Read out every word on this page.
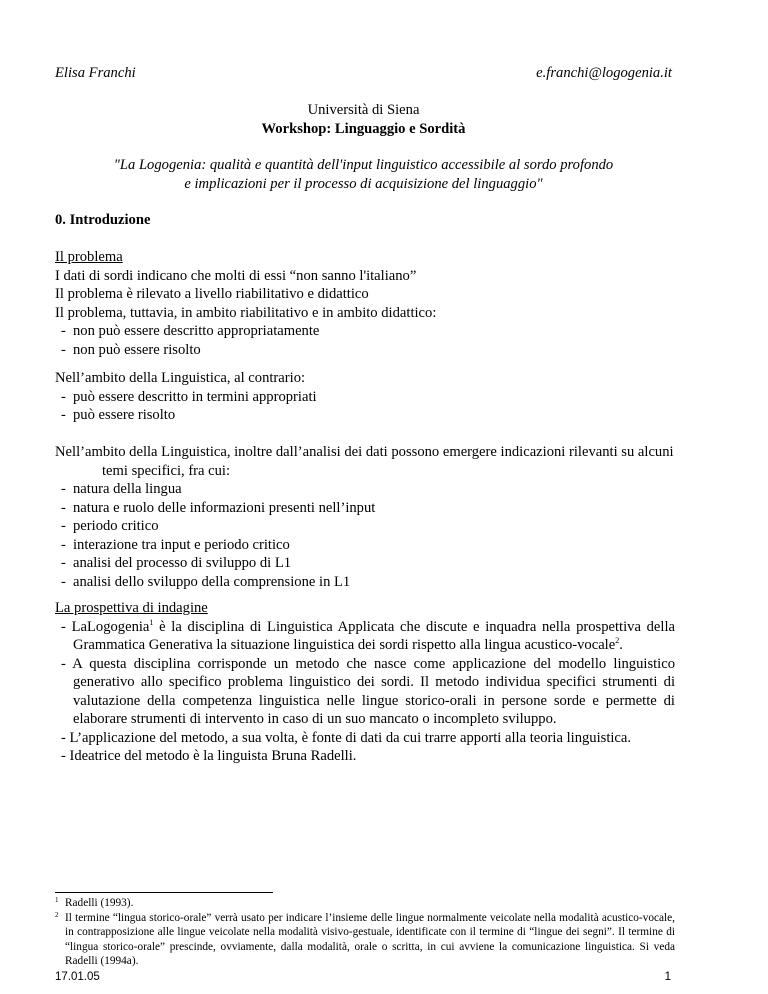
Elisa Franchi	e.franchi@logogenia.it
Università di Siena
Workshop: Linguaggio e Sordità
"La Logogenia: qualità e quantità dell'input linguistico accessibile al sordo profondo
e implicazioni per il processo di acquisizione del linguaggio"
0. Introduzione
Il problema
I dati di sordi indicano che molti di essi “non sanno l'italiano”
Il problema è rilevato a livello riabilitativo e didattico
Il problema, tuttavia, in ambito riabilitativo e in ambito didattico:
- non può essere descritto appropriatamente
- non può essere risolto
Nell’ambito della Linguistica, al contrario:
- può essere descritto in termini appropriati
- può essere risolto
Nell’ambito della Linguistica, inoltre dall’analisi dei dati possono emergere indicazioni rilevanti su alcuni
temi specifici, fra cui:
- natura della lingua
- natura e ruolo delle informazioni presenti nell’input
- periodo critico
- interazione tra input e periodo critico
- analisi del processo di sviluppo di L1
- analisi dello sviluppo della comprensione in L1
La prospettiva di indagine
- LaLogogenia$^1$ è la disciplina di Linguistica Applicata che discute e inquadra nella prospettiva della Grammatica Generativa la situazione linguistica dei sordi rispetto alla lingua acustico-vocale$^2$.
- A questa disciplina corrisponde un metodo che nasce come applicazione del modello linguistico generativo allo specifico problema linguistico dei sordi. Il metodo individua specifici strumenti di valutazione della competenza linguistica nelle lingue storico-orali in persone sorde e permette di elaborare strumenti di intervento in caso di un suo mancato o incompleto sviluppo.
- L’applicazione del metodo, a sua volta, è fonte di dati da cui trarre apporti alla teoria linguistica.
- Ideatrice del metodo è la linguista Bruna Radelli.
1 Radelli (1993).
2 Il termine “lingua storico-orale” verrà usato per indicare l’insieme delle lingue normalmente veicolate nella modalità acustico-vocale, in contrapposizione alle lingue veicolate nella modalità visivo-gestuale, identificate con il termine di “lingue dei segni”. Il termine di “lingua storico-orale” prescinde, ovviamente, dalla modalità, orale o scritta, in cui avviene la comunicazione linguistica. Si veda Radelli (1994a).
17.01.05	1
